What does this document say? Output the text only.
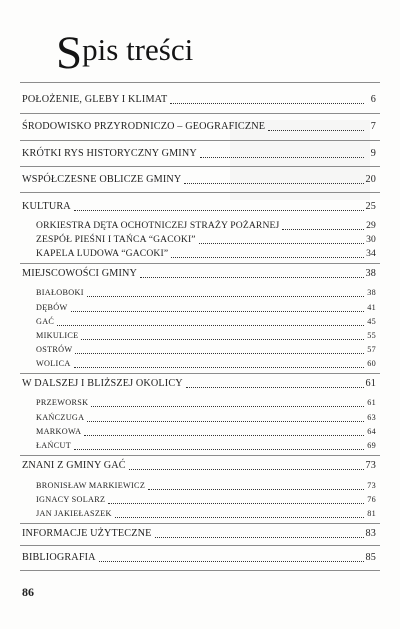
Spis treści
POŁOŻENIE, GLEBY I KLIMAT	6
ŚRODOWISKO PRZYRODNICZO – GEOGRAFICZNE	7
KRÓTKI RYS HISTORYCZNY GMINY	9
WSPÓŁCZESNE OBLICZE GMINY	20
KULTURA	25
ORKIESTRA DĘTA OCHOTNICZEJ STRAŻY POŻARNEJ	29
ZESPÓŁ PIEŚNI I TAŃCA “GACOKI”	30
KAPELA LUDOWA “GACOKI”	34
MIEJSCOWOŚCI GMINY	38
BIAŁOBOKI	38
DĘBÓW	41
GAĆ	45
MIKULICE	55
OSTRÓW	57
WOLICA	60
W DALSZEJ I BLIŻSZEJ OKOLICY	61
PRZEWORSK	61
KAŃCZUGA	63
MARKOWA	64
ŁAŃCUT	69
ZNANI Z GMINY GAĆ	73
BRONISŁAW MARKIEWICZ	73
IGNACY SOLARZ	76
JAN JAKIEŁASZEK	81
INFORMACJE UŻYTECZNE	83
BIBLIOGRAFIA	85
86
